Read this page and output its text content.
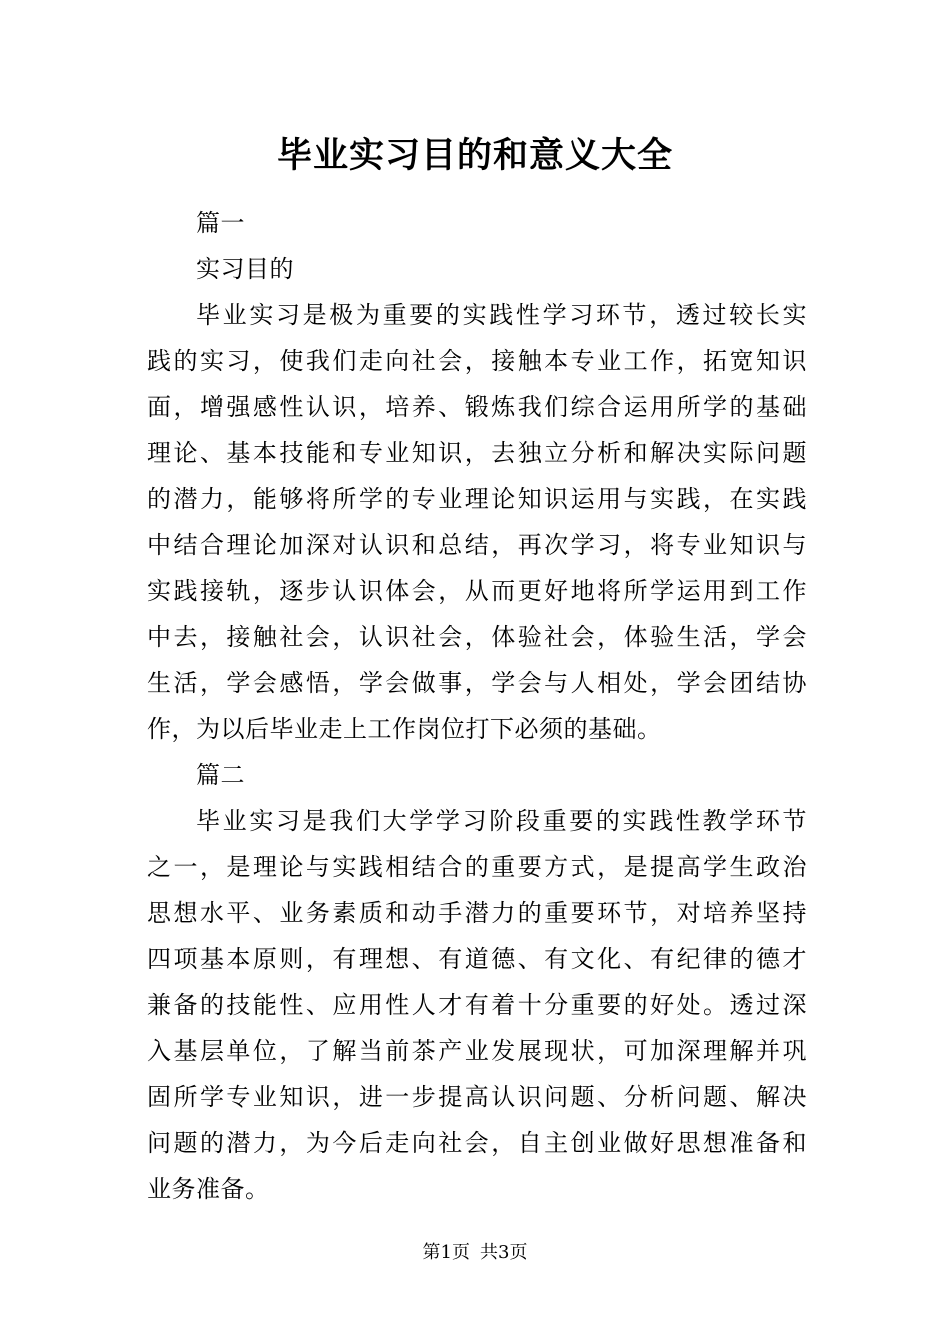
毕业实习目的和意义大全
篇一
实习目的
毕业实习是极为重要的实践性学习环节，透过较长实
践的实习，使我们走向社会，接触本专业工作，拓宽知识
面，增强感性认识，培养、锻炼我们综合运用所学的基础
理论、基本技能和专业知识，去独立分析和解决实际问题
的潜力，能够将所学的专业理论知识运用与实践，在实践
中结合理论加深对认识和总结，再次学习，将专业知识与
实践接轨，逐步认识体会，从而更好地将所学运用到工作
中去，接触社会，认识社会，体验社会，体验生活，学会
生活，学会感悟，学会做事，学会与人相处，学会团结协
作，为以后毕业走上工作岗位打下必须的基础。
篇二
毕业实习是我们大学学习阶段重要的实践性教学环节
之一，是理论与实践相结合的重要方式，是提高学生政治
思想水平、业务素质和动手潜力的重要环节，对培养坚持
四项基本原则，有理想、有道德、有文化、有纪律的德才
兼备的技能性、应用性人才有着十分重要的好处。透过深
入基层单位，了解当前茶产业发展现状，可加深理解并巩
固所学专业知识，进一步提高认识问题、分析问题、解决
问题的潜力，为今后走向社会，自主创业做好思想准备和
业务准备。
第1页 共3页
